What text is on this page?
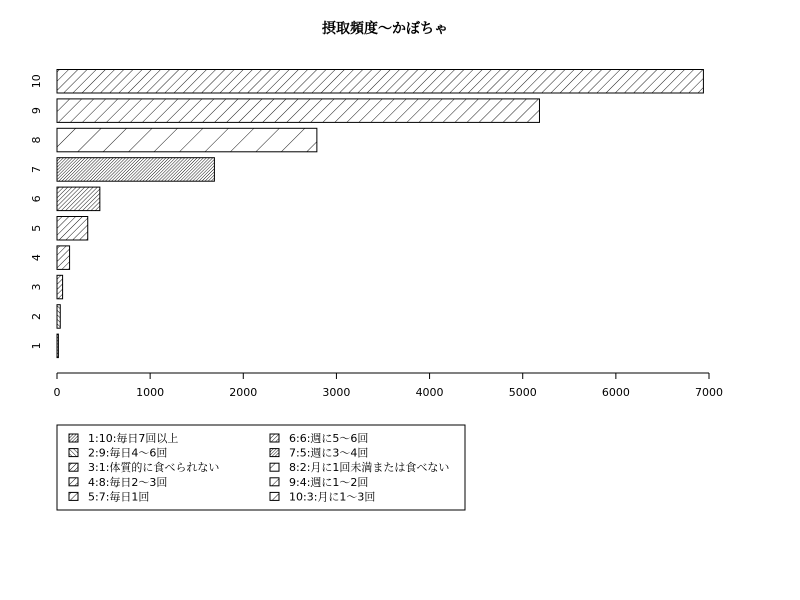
摂取頻度〜かぼちゃ
0	1000	2000	3000	4000	5000	6000	7000
1
2
3
4
5
6
7
8
9
10
1:10:毎日7回以上
2:9:毎日4〜6回
3:1:体質的に食べられない
4:8:毎日2〜3回
5:7:毎日1回
6:6:週に5〜6回
7:5:週に3〜4回
8:2:月に1回未満または食べない
9:4:週に1〜2回
10:3:月に1〜3回
